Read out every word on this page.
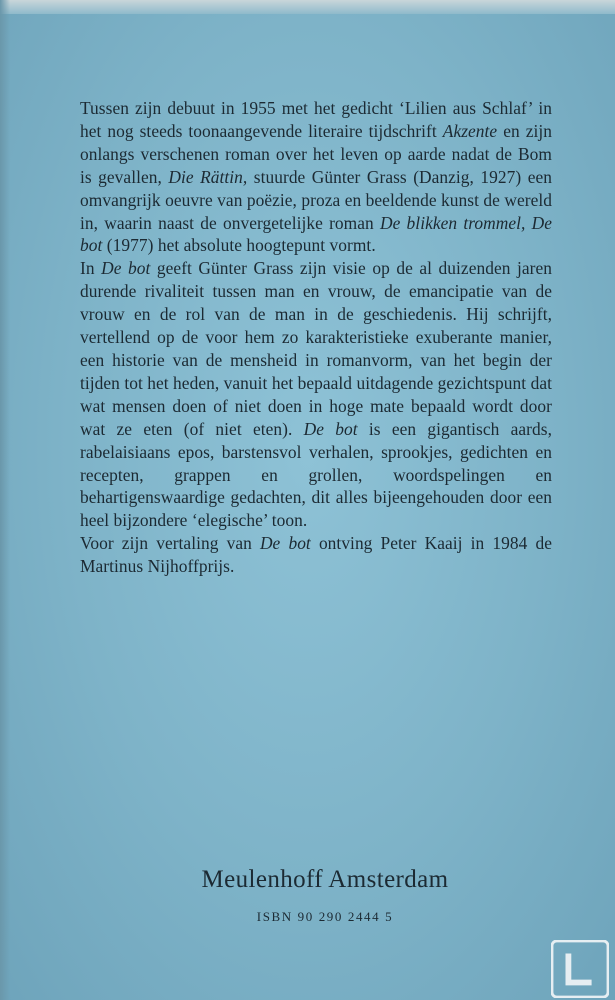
Tussen zijn debuut in 1955 met het gedicht ‘Lilien aus Schlaf’ in het nog steeds toonaangevende literaire tijdschrift Akzente en zijn onlangs verschenen roman over het leven op aarde nadat de Bom is gevallen, Die Rättin, stuurde Günter Grass (Danzig, 1927) een omvangrijk oeuvre van poëzie, proza en beeldende kunst de wereld in, waarin naast de onvergetelijke roman De blikken trommel, De bot (1977) het absolute hoogtepunt vormt.

In De bot geeft Günter Grass zijn visie op de al duizenden jaren durende rivaliteit tussen man en vrouw, de emancipatie van de vrouw en de rol van de man in de geschiedenis. Hij schrijft, vertellend op de voor hem zo karakteristieke exuberante manier, een historie van de mensheid in romanvorm, van het begin der tijden tot het heden, vanuit het bepaald uitdagende gezichtspunt dat wat mensen doen of niet doen in hoge mate bepaald wordt door wat ze eten (of niet eten). De bot is een gigantisch aards, rabelaisiaans epos, barstensvol verhalen, sprookjes, gedichten en recepten, grappen en grollen, woordspelingen en behartigenswaardige gedachten, dit alles bijeengehouden door een heel bijzondere ‘elegische’ toon.

Voor zijn vertaling van De bot ontving Peter Kaaij in 1984 de Martinus Nijhoffprijs.

Meulenhoff Amsterdam
ISBN 90 290 2444 5
